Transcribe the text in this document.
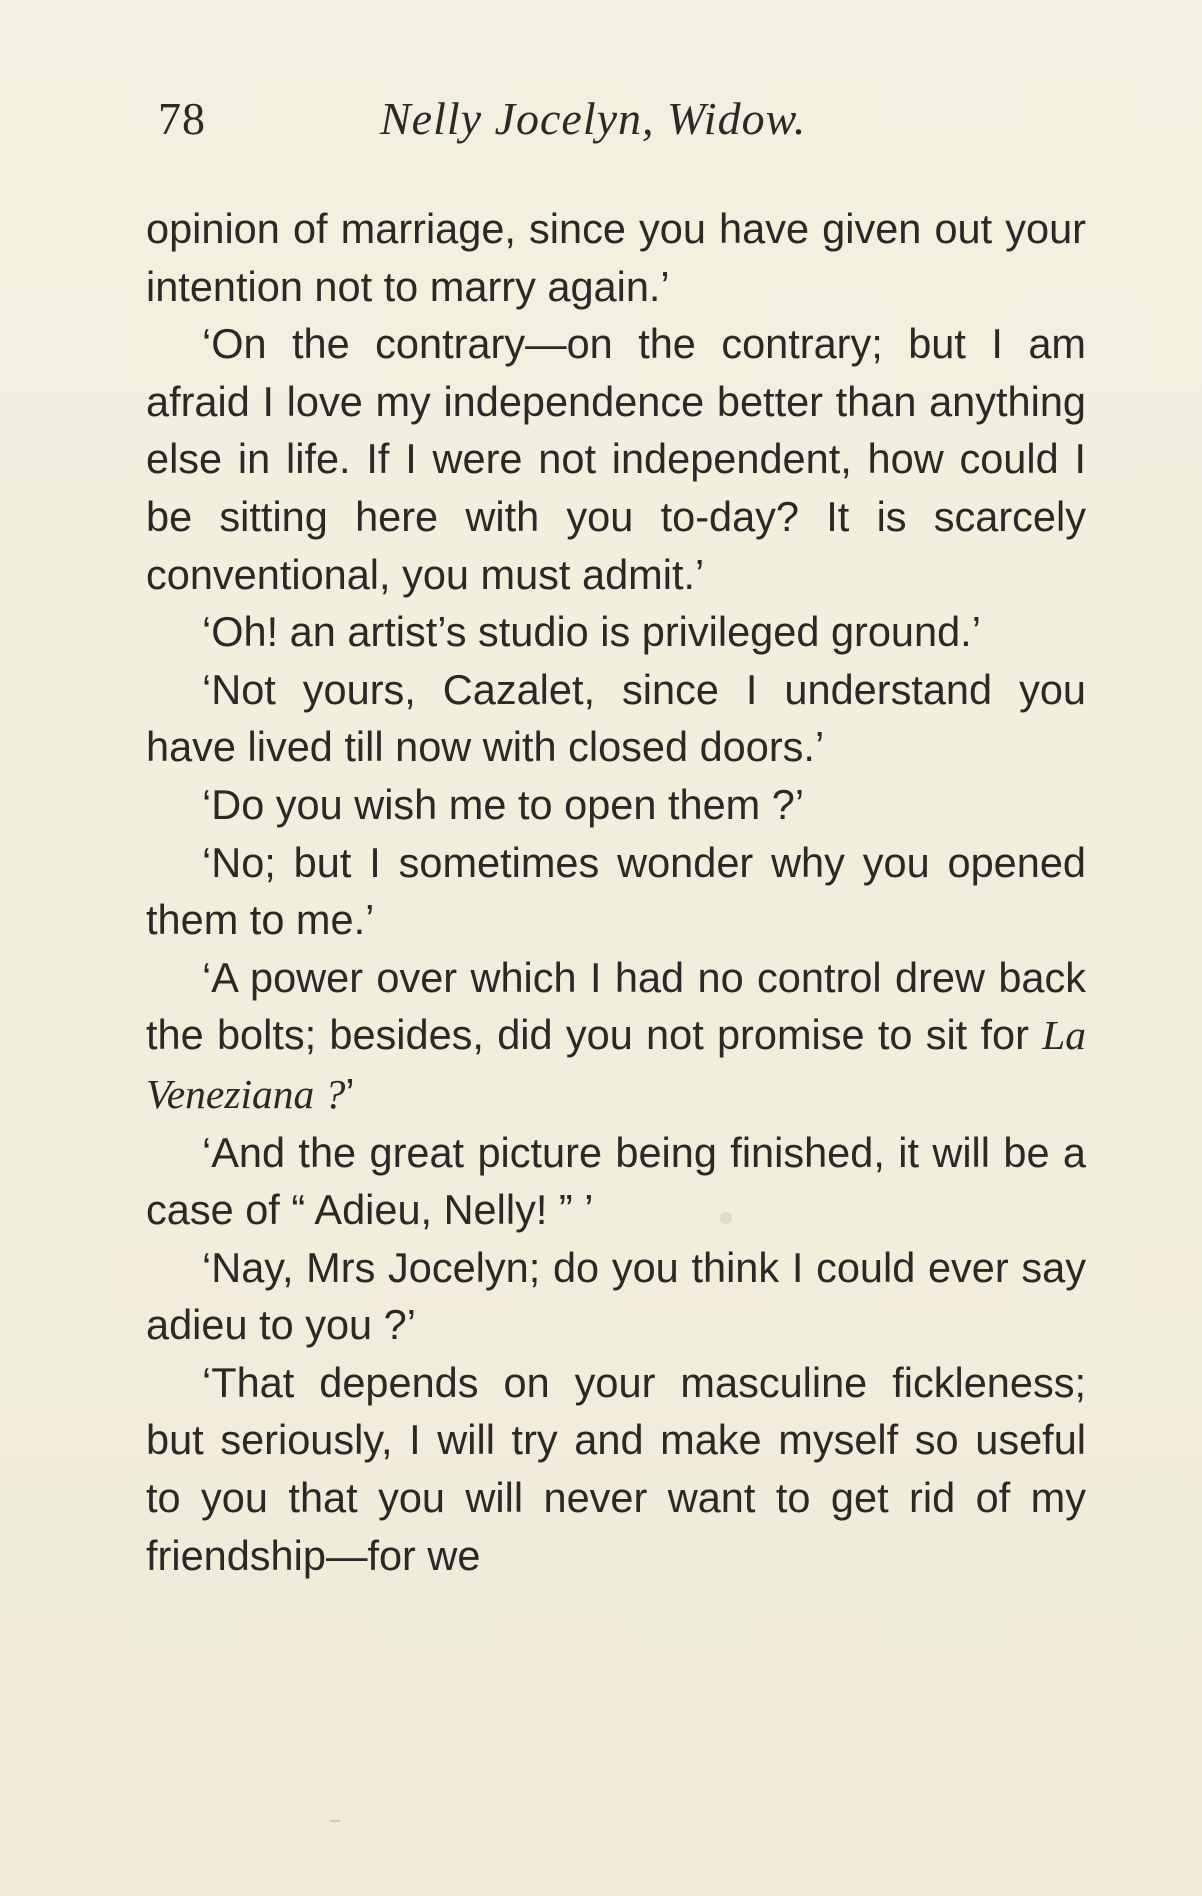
78	Nelly Jocelyn, Widow.

opinion of marriage, since you have given out your intention not to marry again.’

‘On the contrary—on the contrary; but I am afraid I love my independence better than anything else in life. If I were not independent, how could I be sitting here with you to-day? It is scarcely conventional, you must admit.’

‘Oh! an artist’s studio is privileged ground.’

‘Not yours, Cazalet, since I understand you have lived till now with closed doors.’

‘Do you wish me to open them ?’

‘No; but I sometimes wonder why you opened them to me.’

‘A power over which I had no control drew back the bolts; besides, did you not promise to sit for La Veneziana ?’

‘And the great picture being finished, it will be a case of “ Adieu, Nelly! ” ’

‘Nay, Mrs Jocelyn; do you think I could ever say adieu to you ?’

‘That depends on your masculine fickleness; but seriously, I will try and make myself so useful to you that you will never want to get rid of my friendship—for we
